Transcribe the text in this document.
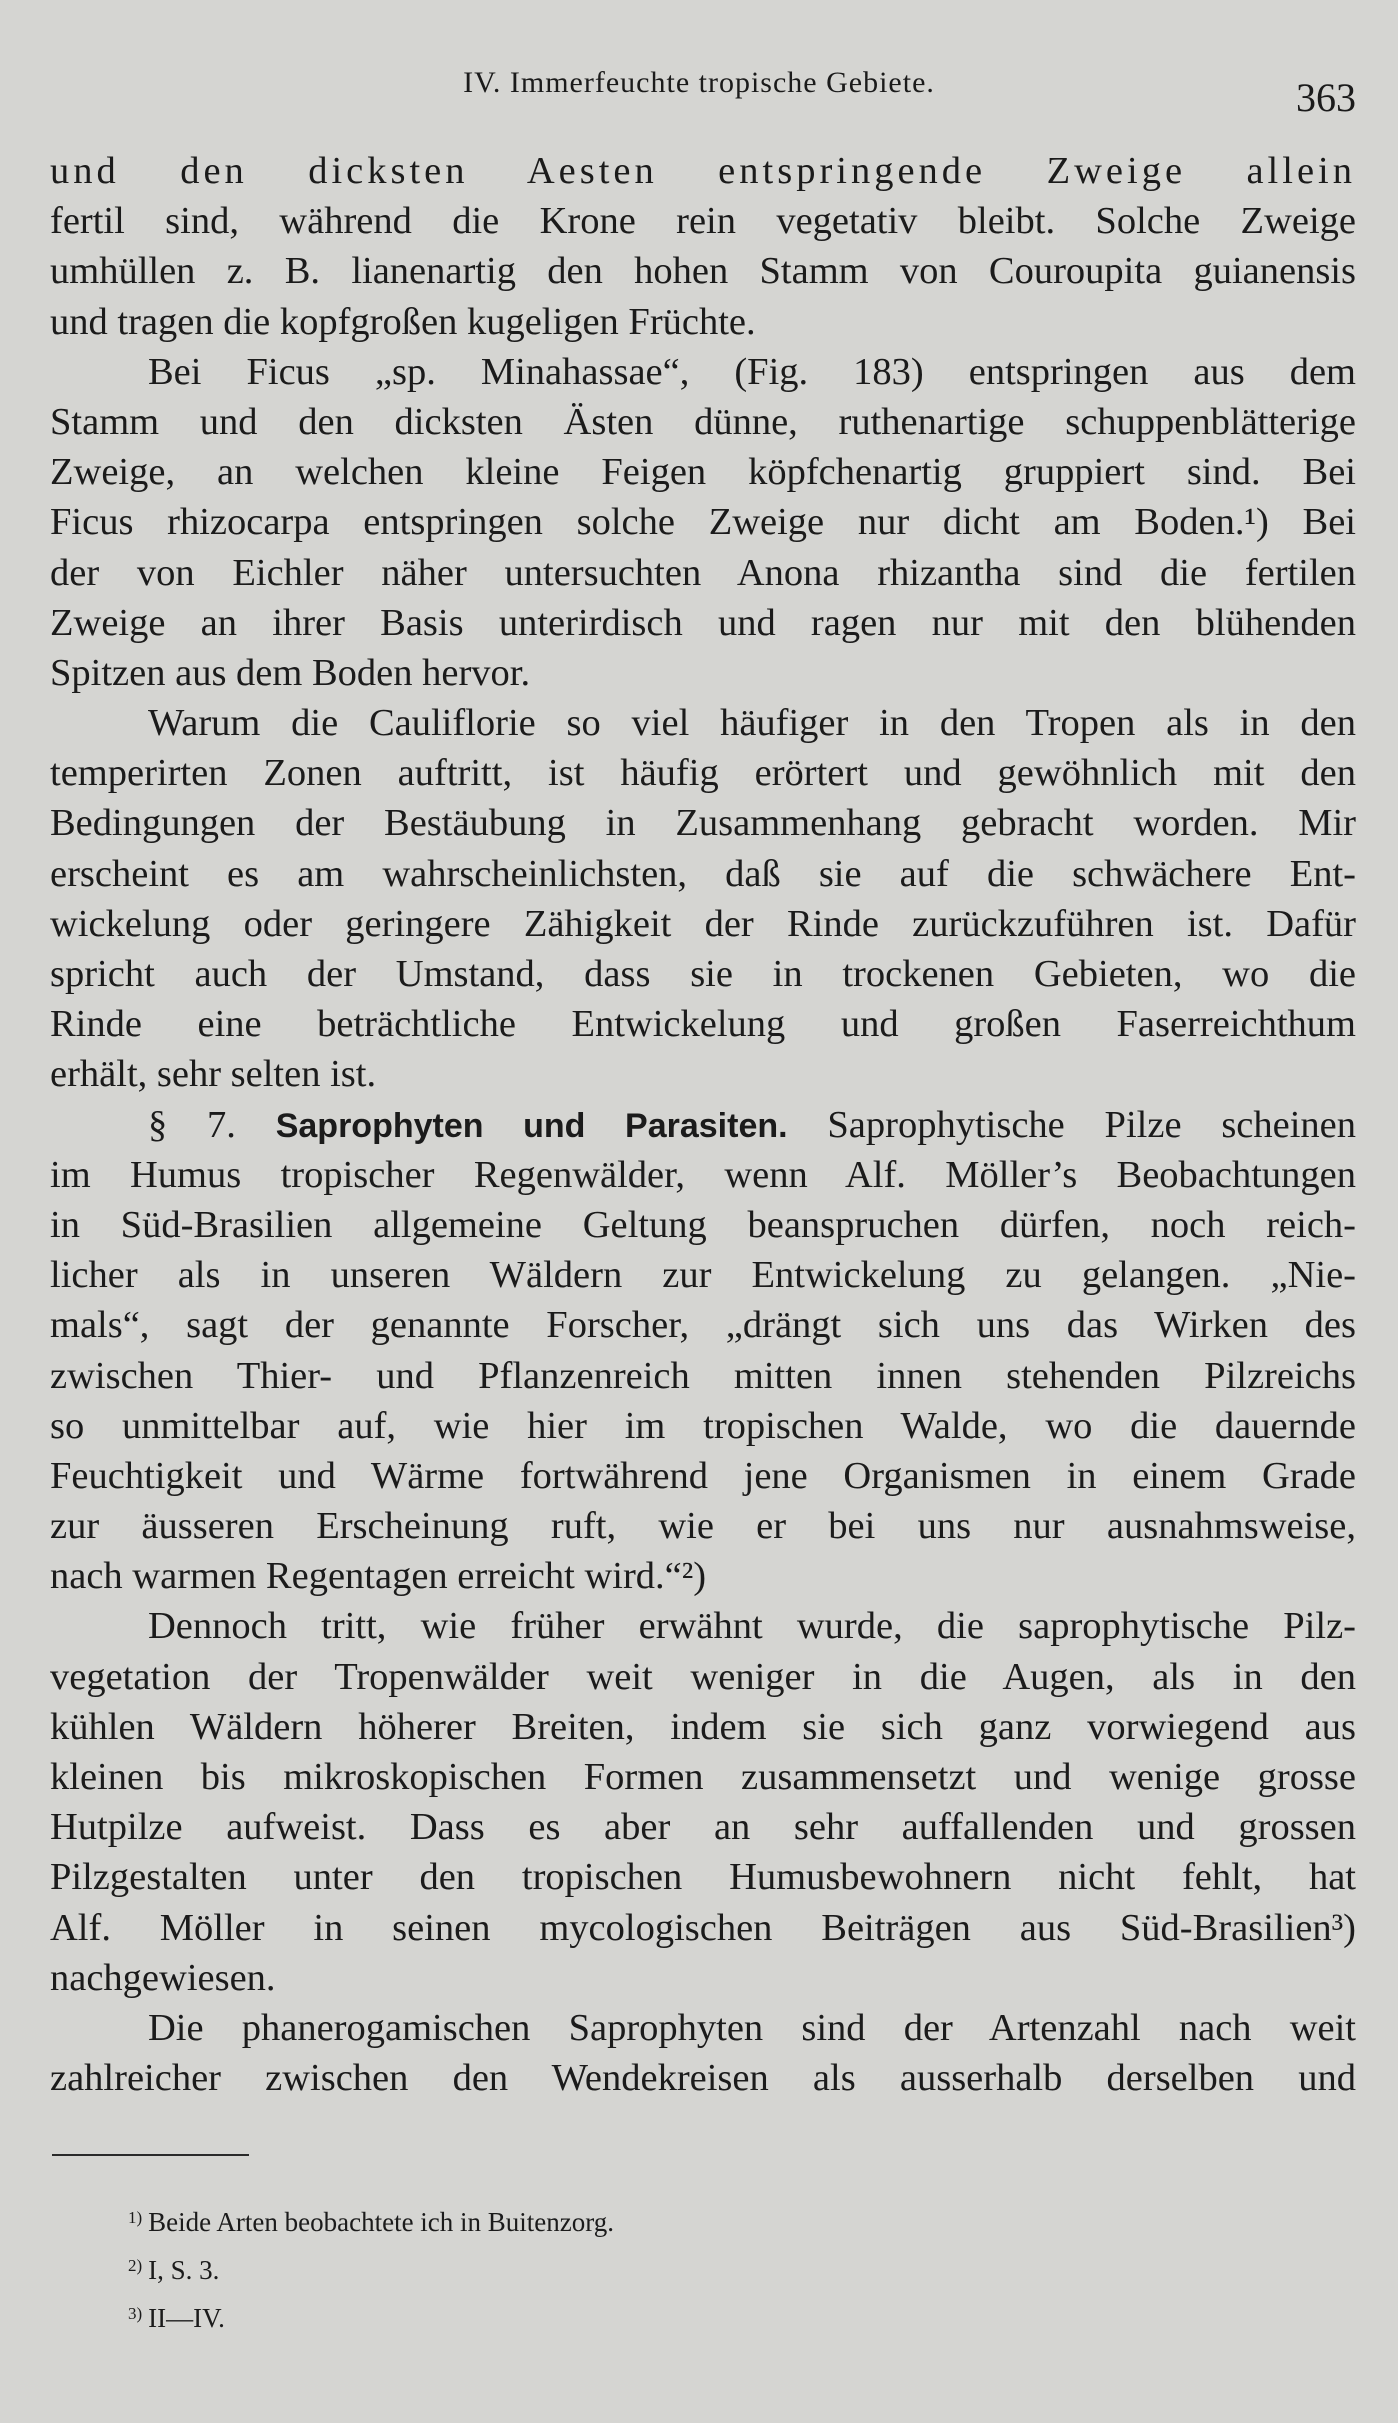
IV. Immerfeuchte tropische Gebiete.	363
und den dicksten Aesten entspringende Zweige allein
fertil sind, während die Krone rein vegetativ bleibt. Solche Zweige
umhüllen z. B. lianenartig den hohen Stamm von Couroupita guianensis
und tragen die kopfgroßen kugeligen Früchte.
Bei Ficus „sp. Minahassae“, (Fig. 183) entspringen aus dem
Stamm und den dicksten Ästen dünne, ruthenartige schuppenblätterige
Zweige, an welchen kleine Feigen köpfchenartig gruppiert sind. Bei
Ficus rhizocarpa entspringen solche Zweige nur dicht am Boden.¹) Bei
der von Eichler näher untersuchten Anona rhizantha sind die fertilen
Zweige an ihrer Basis unterirdisch und ragen nur mit den blühenden
Spitzen aus dem Boden hervor.
Warum die Cauliflorie so viel häufiger in den Tropen als in den
temperirten Zonen auftritt, ist häufig erörtert und gewöhnlich mit den
Bedingungen der Bestäubung in Zusammenhang gebracht worden. Mir
erscheint es am wahrscheinlichsten, daß sie auf die schwächere Ent-
wickelung oder geringere Zähigkeit der Rinde zurückzuführen ist. Dafür
spricht auch der Umstand, dass sie in trockenen Gebieten, wo die
Rinde eine beträchtliche Entwickelung und großen Faserreichthum
erhält, sehr selten ist.
§ 7. Saprophyten und Parasiten. Saprophytische Pilze scheinen
im Humus tropischer Regenwälder, wenn Alf. Möller’s Beobachtungen
in Süd-Brasilien allgemeine Geltung beanspruchen dürfen, noch reich-
licher als in unseren Wäldern zur Entwickelung zu gelangen. „Nie-
mals“, sagt der genannte Forscher, „drängt sich uns das Wirken des
zwischen Thier- und Pflanzenreich mitten innen stehenden Pilzreichs
so unmittelbar auf, wie hier im tropischen Walde, wo die dauernde
Feuchtigkeit und Wärme fortwährend jene Organismen in einem Grade
zur äusseren Erscheinung ruft, wie er bei uns nur ausnahmsweise,
nach warmen Regentagen erreicht wird.“²)
Dennoch tritt, wie früher erwähnt wurde, die saprophytische Pilz-
vegetation der Tropenwälder weit weniger in die Augen, als in den
kühlen Wäldern höherer Breiten, indem sie sich ganz vorwiegend aus
kleinen bis mikroskopischen Formen zusammensetzt und wenige grosse
Hutpilze aufweist. Dass es aber an sehr auffallenden und grossen
Pilzgestalten unter den tropischen Humusbewohnern nicht fehlt, hat
Alf. Möller in seinen mycologischen Beiträgen aus Süd-Brasilien³)
nachgewiesen.
Die phanerogamischen Saprophyten sind der Artenzahl nach weit
zahlreicher zwischen den Wendekreisen als ausserhalb derselben und
$^{1)}$ Beide Arten beobachtete ich in Buitenzorg.
$^{2)}$ I, S. 3.
$^{3)}$ II—IV.
